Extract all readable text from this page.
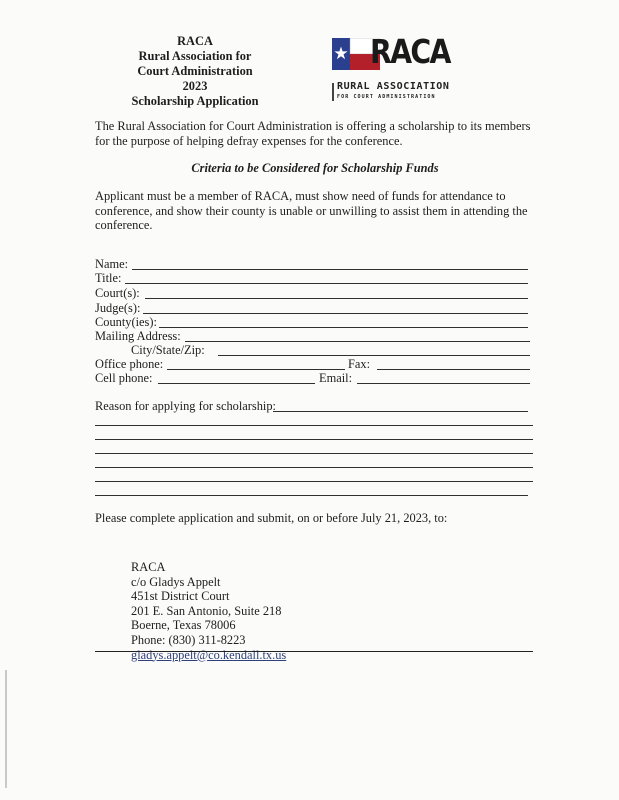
RACA
Rural Association for
Court Administration
2023
Scholarship Application
RACA
RURAL ASSOCIATION
FOR COURT ADMINISTRATION
The Rural Association for Court Administration is offering a scholarship to its members for the purpose of helping defray expenses for the conference.
Criteria to be Considered for Scholarship Funds
Applicant must be a member of RACA, must show need of funds for attendance to conference, and show their county is unable or unwilling to assist them in attending the conference.
Name:
Title:
Court(s):
Judge(s):
County(ies):
Mailing Address:
City/State/Zip:
Office phone:	Fax:
Cell phone:	Email:
Reason for applying for scholarship:
Please complete application and submit, on or before July 21, 2023, to:
RACA
c/o Gladys Appelt
451st District Court
201 E. San Antonio, Suite 218
Boerne, Texas 78006
Phone: (830) 311-8223
gladys.appelt@co.kendall.tx.us
